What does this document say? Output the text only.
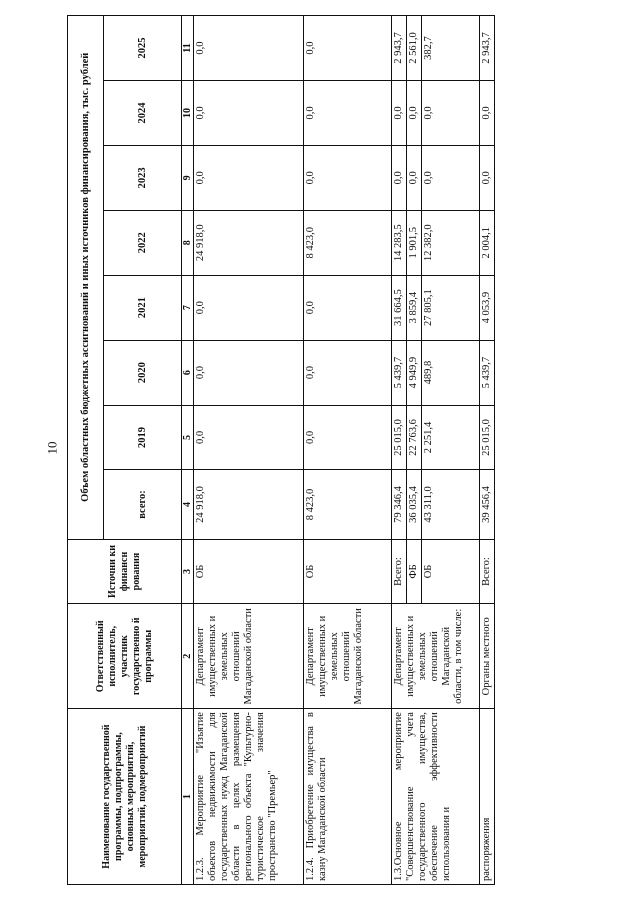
10
Наименование государственной программы, подпрограммы, основных мероприятий, мероприятий, подмероприятий	Ответственный исполнитель, участник государственно й программы	Источни ки финансн рования	Объем областных бюджетных ассигнований и иных источников финансирования, тыс. рублей							
			всего:	2019	2020	2021	2022	2023	2024	2025
1	2	3	4	5	6	7	8	9	10	11
1.2.3. Мероприятие "Изъятие объектов недвижимости для государственных нужд Магаданской области в целях размещения регионального объекта "Культурно-туристическое значения пространство "Премьер"	Департамент имущественных и земельных отношений Магаданской области	ОБ	24 918,0	0,0	0,0	0,0	24 918,0	0,0	0,0	0,0
1.2.4. Приобретение имущества в казну Магаданской области	Департамент имущественных и земельных отношений Магаданской области	ОБ	8 423,0	0,0	0,0	0,0	8 423,0	0,0	0,0	0,0
1.3.Основное мероприятие "Совершенствование учета государственного имущества, обеспечение эффективности использования и	Департамент имущественных и земельных отношений Магаданской области, в том числе:	Всего:	79 346,4	25 015,0	5 439,7	31 664,5	14 283,5	0,0	0,0	2 943,7
		ФБ	36 035,4	22 763,6	4 949,9	3 859,4	1 901,5	0,0	0,0	2 561,0
		ОБ	43 311,0	2 251,4	489,8	27 805,1	12 382,0	0,0	0,0	382,7
распоряжения	Органы местного	Всего:	39 456,4	25 015,0	5 439,7	4 053,9	2 004,1	0,0	0,0	2 943,7
